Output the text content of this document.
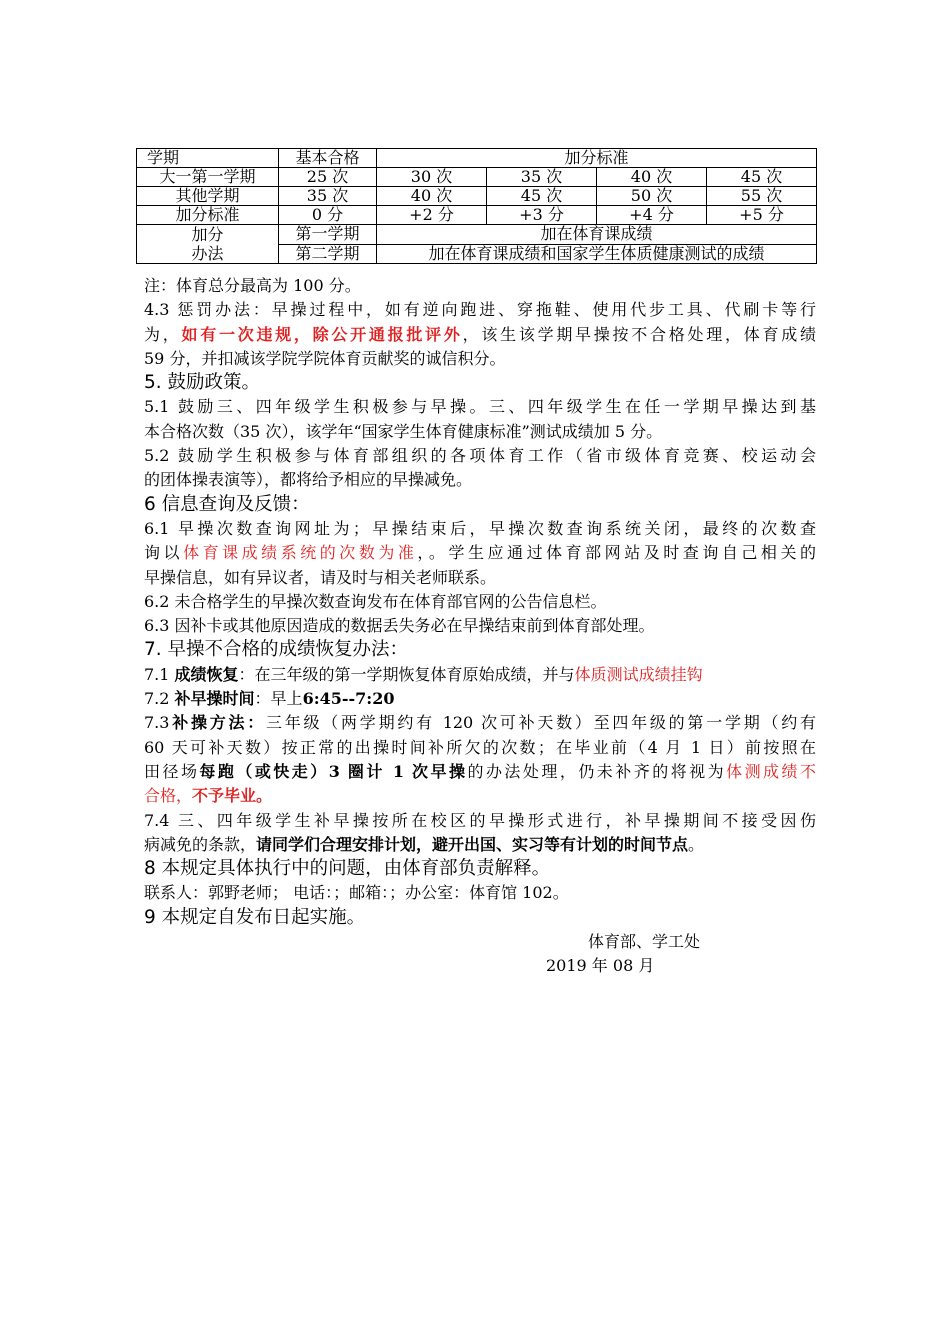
学期	基本合格	加分标准			
大一第一学期	25 次	30 次	35 次	40 次	45 次
其他学期	35 次	40 次	45 次	50 次	55 次
加分标准	0 分	+2 分	+3 分	+4 分	+5 分

加分
办法	第一学期	加在体育课成绩			
	第二学期	加在体育课成绩和国家学生体质健康测试的成绩			
注：体育总分最高为 100 分。
4.3 惩罚办法：早操过程中，如有逆向跑进、穿拖鞋、使用代步工具、代刷卡等行
为，如有一次违规，除公开通报批评外，该生该学期早操按不合格处理，体育成绩
59 分，并扣减该学院学院体育贡献奖的诚信积分。
5. 鼓励政策。
5.1 鼓励三、四年级学生积极参与早操。三、四年级学生在任一学期早操达到基
本合格次数（35 次），该学年“国家学生体育健康标准”测试成绩加 5 分。
5.2 鼓励学生积极参与体育部组织的各项体育工作（省市级体育竞赛、校运动会
的团体操表演等），都将给予相应的早操减免。
6 信息查询及反馈：
6.1 早操次数查询网址为；早操结束后，早操次数查询系统关闭，最终的次数查
询以体育课成绩系统的次数为准，。学生应通过体育部网站及时查询自己相关的
早操信息，如有异议者，请及时与相关老师联系。
6.2 未合格学生的早操次数查询发布在体育部官网的公告信息栏。
6.3 因补卡或其他原因造成的数据丢失务必在早操结束前到体育部处理。
7. 早操不合格的成绩恢复办法：
7.1 成绩恢复：在三年级的第一学期恢复体育原始成绩，并与体质测试成绩挂钩
7.2 补早操时间：早上6:45--7:20
7.3补操方法：三年级（两学期约有 120 次可补天数）至四年级的第一学期（约有
60 天可补天数）按正常的出操时间补所欠的次数；在毕业前（4 月 1 日）前按照在
田径场每跑（或快走）3 圈计 1 次早操的办法处理，仍未补齐的将视为体测成绩不
合格，不予毕业。
7.4 三、四年级学生补早操按所在校区的早操形式进行，补早操期间不接受因伤
病减免的条款，请同学们合理安排计划，避开出国、实习等有计划的时间节点。
8 本规定具体执行中的问题，由体育部负责解释。
联系人：郭野老师； 电话：；邮箱：；办公室：体育馆 102。
9 本规定自发布日起实施。
体育部、学工处
2019 年 08 月
